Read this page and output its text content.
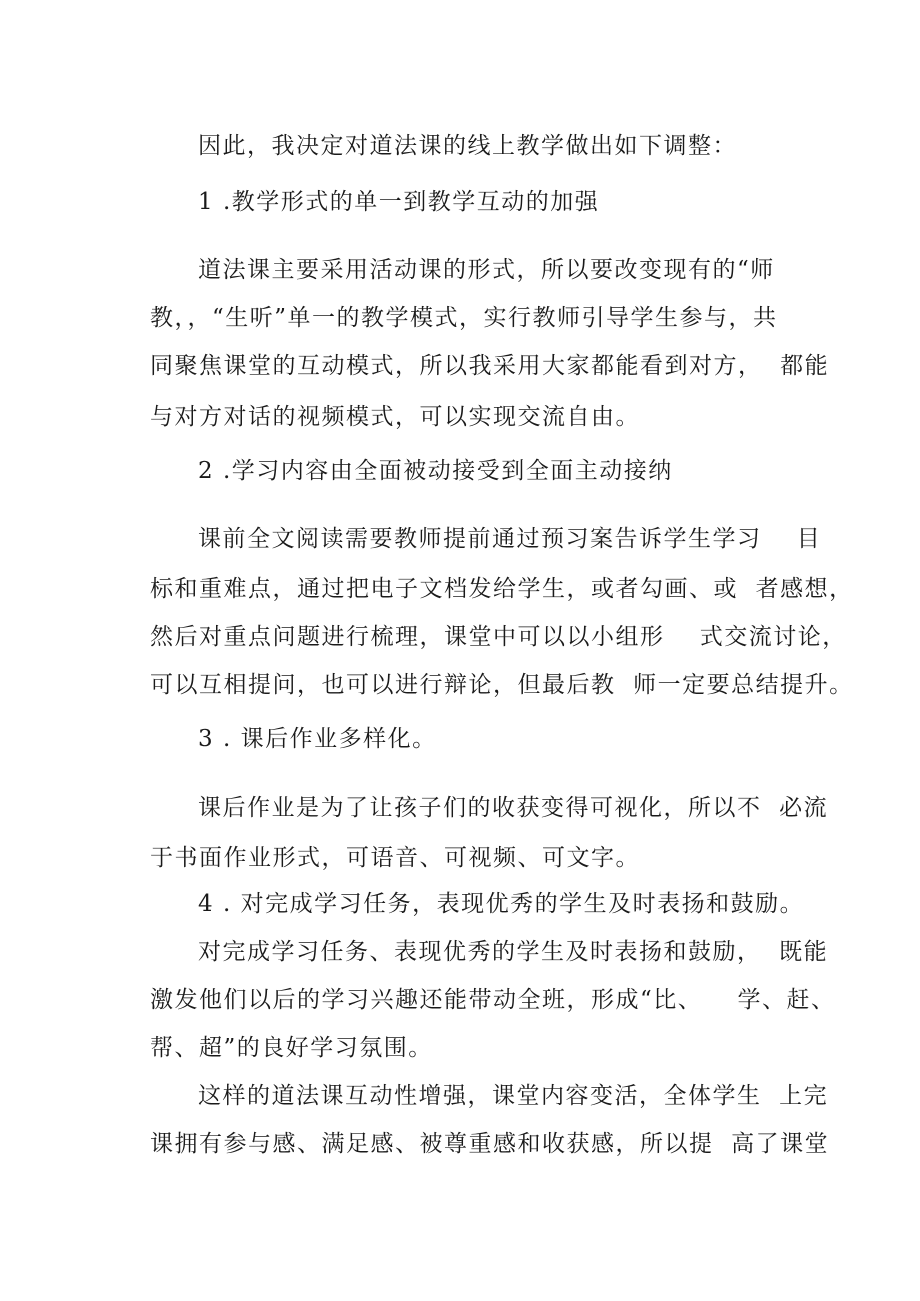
因此，我决定对道法课的线上教学做出如下调整：
1 .教学形式的单一到教学互动的加强
道法课主要采用活动课的形式，所以要改变现有的“师
教，，“生听”单一的教学模式，实行教师引导学生参与，共
同聚焦课堂的互动模式，所以我采用大家都能看到对方，  都能
与对方对话的视频模式，可以实现交流自由。
2 .学习内容由全面被动接受到全面主动接纳
课前全文阅读需要教师提前通过预习案告诉学生学习    目
标和重难点，通过把电子文档发给学生，或者勾画、或  者感想，
然后对重点问题进行梳理，课堂中可以以小组形    式交流讨论，
可以互相提问，也可以进行辩论，但最后教  师一定要总结提升。
3 . 课后作业多样化。
课后作业是为了让孩子们的收获变得可视化，所以不  必流
于书面作业形式，可语音、可视频、可文字。
4 . 对完成学习任务，表现优秀的学生及时表扬和鼓励。
对完成学习任务、表现优秀的学生及时表扬和鼓励，  既能
激发他们以后的学习兴趣还能带动全班，形成“比、    学、赶、
帮、超”的良好学习氛围。
这样的道法课互动性增强，课堂内容变活，全体学生  上完
课拥有参与感、满足感、被尊重感和收获感，所以提  高了课堂
